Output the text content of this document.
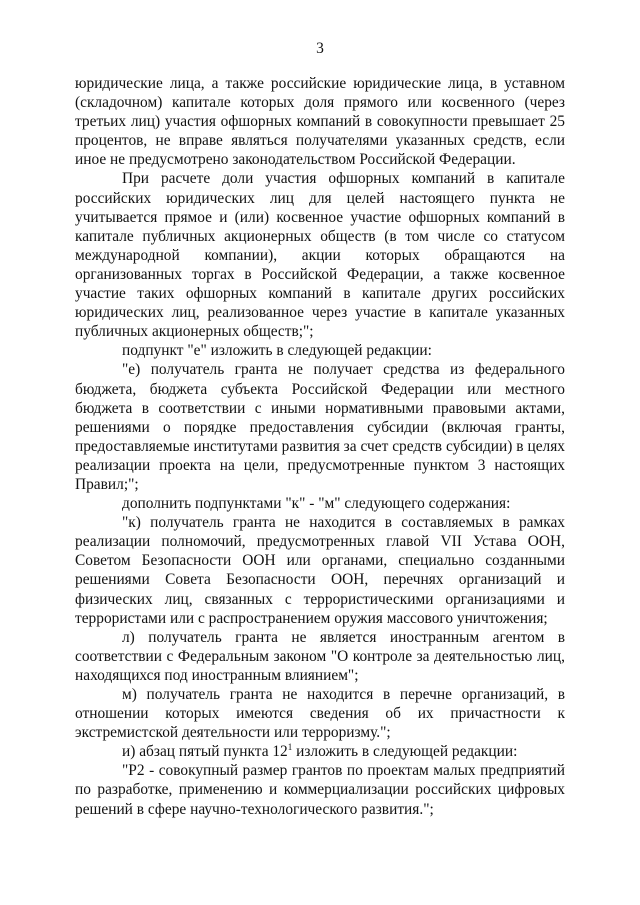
3

юридические лица, а также российские юридические лица, в уставном (складочном) капитале которых доля прямого или косвенного (через третьих лиц) участия офшорных компаний в совокупности превышает 25 процентов, не вправе являться получателями указанных средств, если иное не предусмотрено законодательством Российской Федерации.

При расчете доли участия офшорных компаний в капитале российских юридических лиц для целей настоящего пункта не учитывается прямое и (или) косвенное участие офшорных компаний в капитале публичных акционерных обществ (в том числе со статусом международной компании), акции которых обращаются на организованных торгах в Российской Федерации, а также косвенное участие таких офшорных компаний в капитале других российских юридических лиц, реализованное через участие в капитале указанных публичных акционерных обществ;";

подпункт "е" изложить в следующей редакции:

"е) получатель гранта не получает средства из федерального бюджета, бюджета субъекта Российской Федерации или местного бюджета в соответствии с иными нормативными правовыми актами, решениями о порядке предоставления субсидии (включая гранты, предоставляемые институтами развития за счет средств субсидии) в целях реализации проекта на цели, предусмотренные пунктом 3 настоящих Правил;";

дополнить подпунктами "к" - "м" следующего содержания:

"к) получатель гранта не находится в составляемых в рамках реализации полномочий, предусмотренных главой VII Устава ООН, Советом Безопасности ООН или органами, специально созданными решениями Совета Безопасности ООН, перечнях организаций и физических лиц, связанных с террористическими организациями и террористами или с распространением оружия массового уничтожения;

л) получатель гранта не является иностранным агентом в соответствии с Федеральным законом "О контроле за деятельностью лиц, находящихся под иностранным влиянием";

м) получатель гранта не находится в перечне организаций, в отношении которых имеются сведения об их причастности к экстремистской деятельности или терроризму.";

и) абзац пятый пункта $12^1$ изложить в следующей редакции:

"P2 - совокупный размер грантов по проектам малых предприятий по разработке, применению и коммерциализации российских цифровых решений в сфере научно-технологического развития.";
